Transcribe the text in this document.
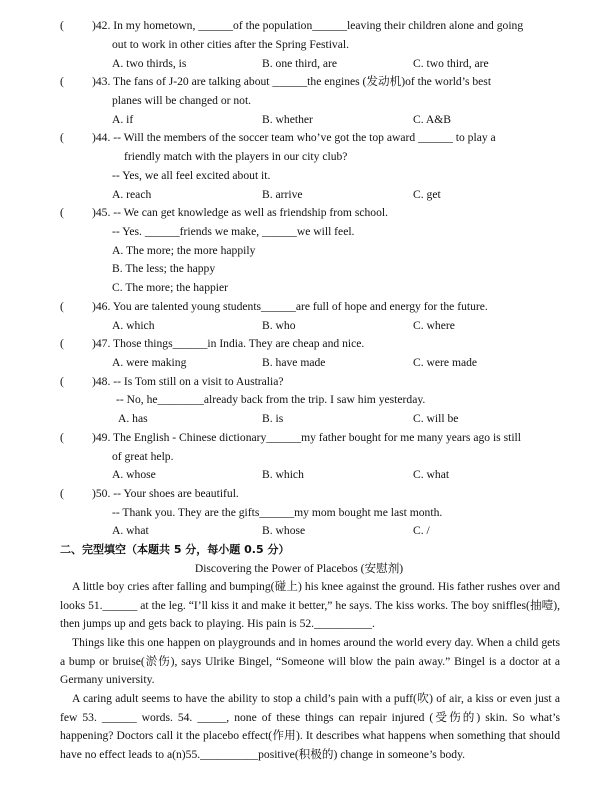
( )42. In my hometown, ______of the population______leaving their children alone and going
out to work in other cities after the Spring Festival.
A. two thirds, is	B. one third, are	C. two third, are
( )43. The fans of J-20 are talking about ______the engines (发动机)of the world’s best
planes will be changed or not.
A. if	B. whether	C. A&B
( )44. -- Will the members of the soccer team who’ve got the top award ______ to play a
friendly match with the players in our city club?
-- Yes, we all feel excited about it.
A. reach	B. arrive	C. get
( )45. -- We can get knowledge as well as friendship from school.
-- Yes. ______friends we make, ______we will feel.
A. The more; the more happily
B. The less; the happy
C. The more; the happier
( )46. You are talented young students______are full of hope and energy for the future.
A. which	B. who	C. where
( )47. Those things______in India. They are cheap and nice.
A. were making	B. have made	C. were made
( )48. -- Is Tom still on a visit to Australia?
-- No, he________already back from the trip. I saw him yesterday.
A. has	B. is	C. will be
( )49. The English - Chinese dictionary______my father bought for me many years ago is still
of great help.
A. whose	B. which	C. what
( )50. -- Your shoes are beautiful.
-- Thank you. They are the gifts______my mom bought me last month.
A. what	B. whose	C. /
二、完型填空（本题共 5 分，每小题 0.5 分）
Discovering the Power of Placebos (安慰剂)
A little boy cries after falling and bumping(碰上) his knee against the ground. His father rushes over and looks 51.______ at the leg. “I’ll kiss it and make it better,” he says. The kiss works. The boy sniffles(抽噎), then jumps up and gets back to playing. His pain is 52.__________.
Things like this one happen on playgrounds and in homes around the world every day. When a child gets a bump or bruise(淤伤), says Ulrike Bingel, “Someone will blow the pain away.” Bingel is a doctor at a Germany university.
A caring adult seems to have the ability to stop a child’s pain with a puff(吹) of air, a kiss or even just a few 53. ______ words. 54. _____, none of these things can repair injured (受伤的) skin. So what’s happening? Doctors call it the placebo effect(作用). It describes what happens when something that should have no effect leads to a(n)55.__________positive(积极的) change in someone’s body.
